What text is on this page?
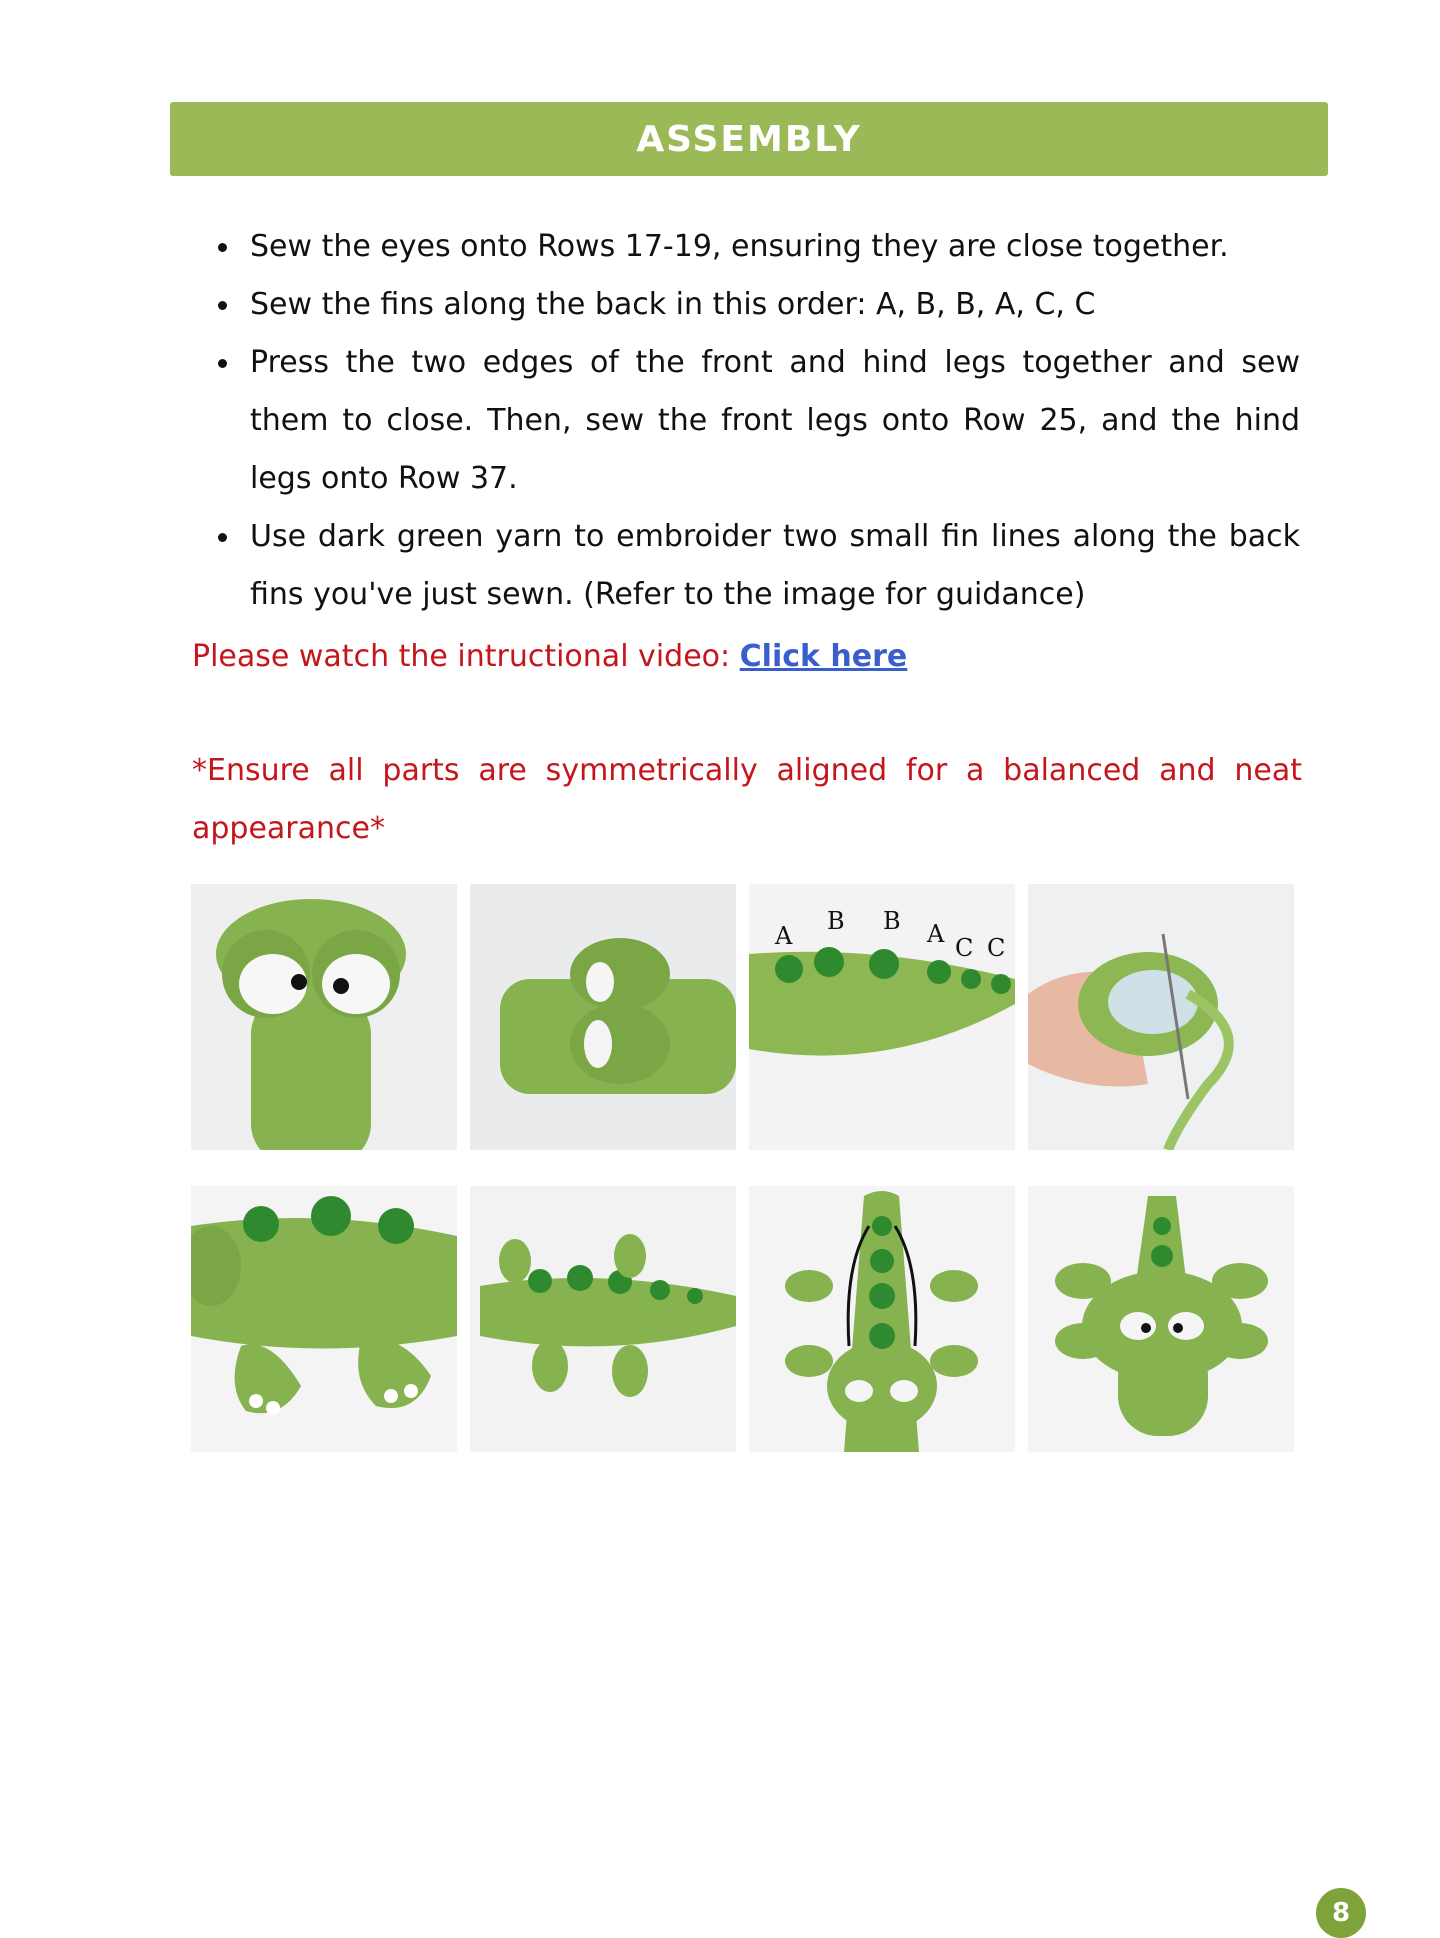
ASSEMBLY
Sew the eyes onto Rows 17-19, ensuring they are close together.
Sew the fins along the back in this order: A, B, B, A, C, C
Press the two edges of the front and hind legs together and sew them to close. Then, sew the front legs onto Row 25, and the hind legs onto Row 37.
Use dark green yarn to embroider two small fin lines along the back fins you've just sewn. (Refer to the image for guidance)
Please watch the intructional video: Click here
*Ensure all parts are symmetrically aligned for a balanced and neat appearance*
A
B B A C C
8
